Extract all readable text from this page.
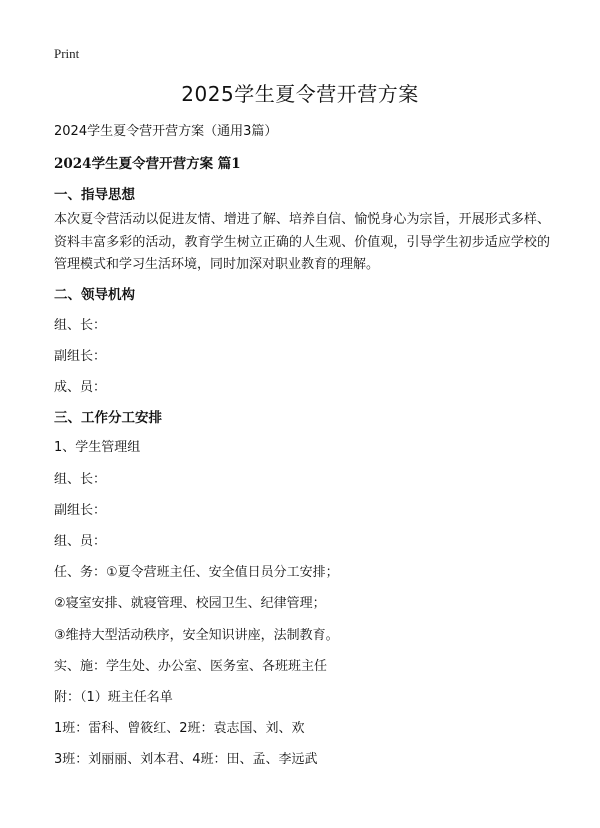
Print
2025学生夏令营开营方案

2024学生夏令营开营方案（通用3篇）

2024学生夏令营开营方案 篇1
一、指导思想

本次夏令营活动以促进友情、增进了解、培养自信、愉悦身心为宗旨，开展形式多样、资料丰富多彩的活动，教育学生树立正确的人生观、价值观，引导学生初步适应学校的管理模式和学习生活环境，同时加深对职业教育的理解。

二、领导机构

组、长：

副组长：

成、员：

三、工作分工安排

1、学生管理组

组、长：

副组长：

组、员：

任、务：①夏令营班主任、安全值日员分工安排；

②寝室安排、就寝管理、校园卫生、纪律管理；

③维持大型活动秩序，安全知识讲座，法制教育。

实、施：学生处、办公室、医务室、各班班主任

附：（1）班主任名单

1班：雷科、曾筱红、2班：袁志国、刘、欢

3班：刘丽丽、刘本君、4班：田、孟、李远武
